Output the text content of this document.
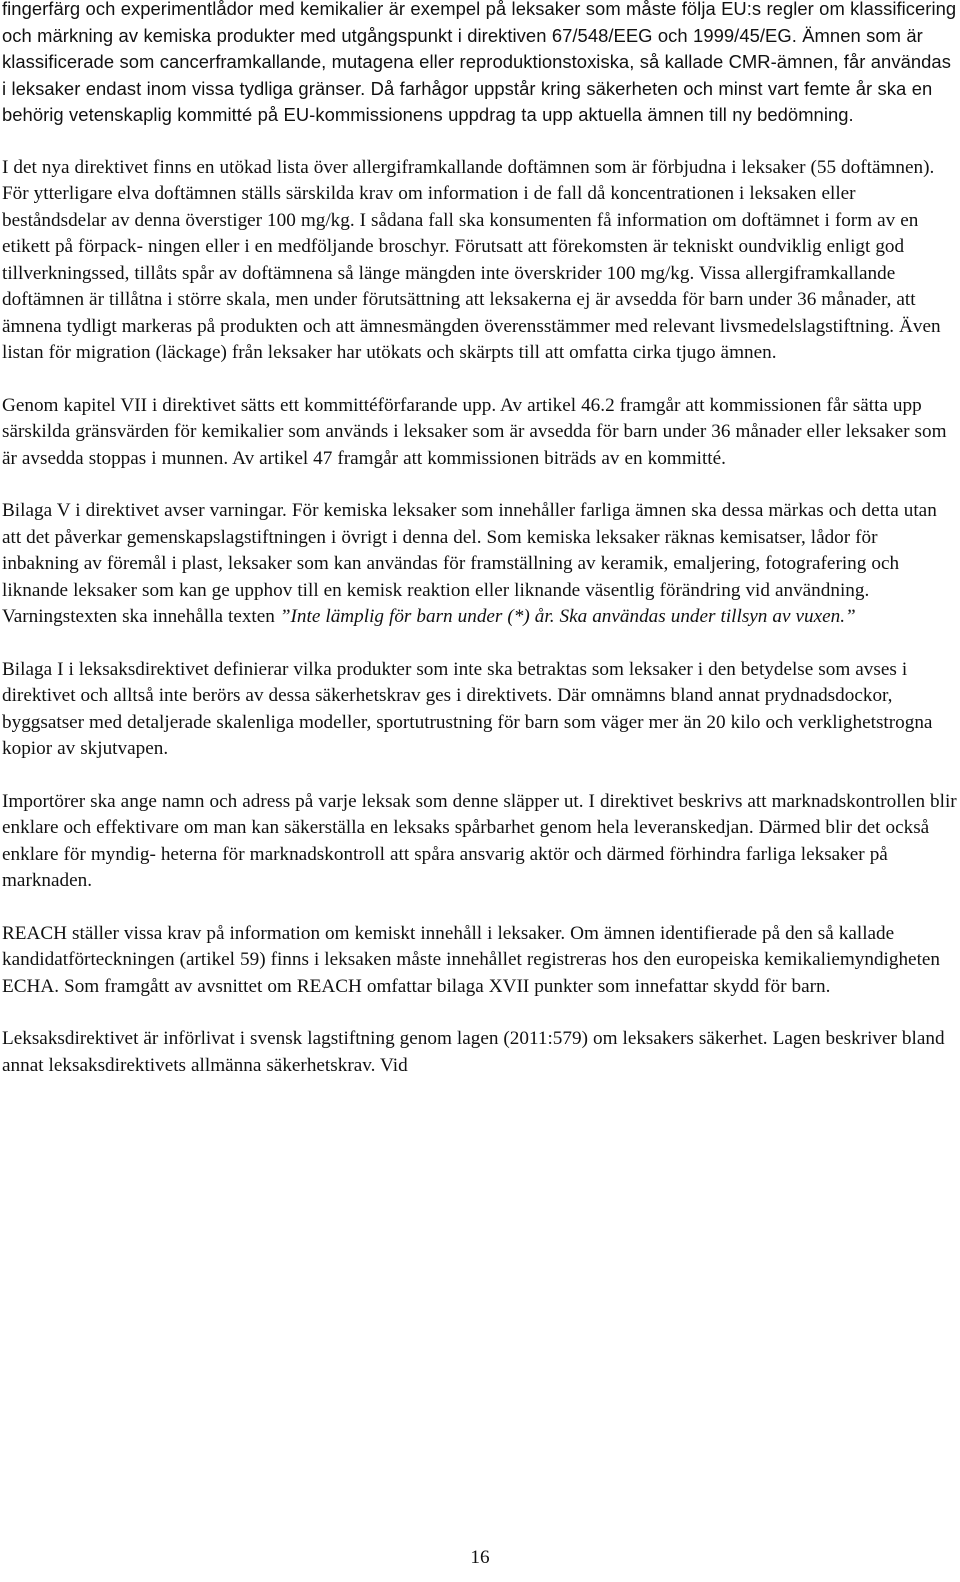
fingerfärg och experimentlådor med kemikalier är exempel på leksaker som måste följa EU:s regler om klassificering och märkning av kemiska produkter med utgångspunkt i direktiven 67/548/EEG och 1999/45/EG. Ämnen som är klassificerade som cancerframkallande, mutagena eller reproduktionstoxiska, så kallade CMR-ämnen, får användas i leksaker endast inom vissa tydliga gränser. Då farhågor uppstår kring säkerheten och minst vart femte år ska en behörig vetenskaplig kommitté på EU-kommissionens uppdrag ta upp aktuella ämnen till ny bedömning.

I det nya direktivet finns en utökad lista över allergiframkallande doftämnen som är förbjudna i leksaker (55 doftämnen). För ytterligare elva doftämnen ställs särskilda krav om information i de fall då koncentrationen i leksaken eller beståndsdelar av denna överstiger 100 mg/kg. I sådana fall ska konsumenten få information om doftämnet i form av en etikett på förpack- ningen eller i en medföljande broschyr. Förutsatt att förekomsten är tekniskt oundviklig enligt god tillverkningssed, tillåts spår av doftämnena så länge mängden inte överskrider 100 mg/kg. Vissa allergiframkallande doftämnen är tillåtna i större skala, men under förutsättning att leksakerna ej är avsedda för barn under 36 månader, att ämnena tydligt markeras på produkten och att ämnesmängden överensstämmer med relevant livsmedelslagstiftning. Även listan för migration (läckage) från leksaker har utökats och skärpts till att omfatta cirka tjugo ämnen.

Genom kapitel VII i direktivet sätts ett kommittéförfarande upp. Av artikel 46.2 framgår att kommissionen får sätta upp särskilda gränsvärden för kemikalier som används i leksaker som är avsedda för barn under 36 månader eller leksaker som är avsedda stoppas i munnen. Av artikel 47 framgår att kommissionen biträds av en kommitté.

Bilaga V i direktivet avser varningar. För kemiska leksaker som innehåller farliga ämnen ska dessa märkas och detta utan att det påverkar gemenskapslagstiftningen i övrigt i denna del. Som kemiska leksaker räknas kemisatser, lådor för inbakning av föremål i plast, leksaker som kan användas för framställning av keramik, emaljering, fotografering och liknande leksaker som kan ge upphov till en kemisk reaktion eller liknande väsentlig förändring vid användning. Varningstexten ska innehålla texten ”Inte lämplig för barn under (*) år. Ska användas under tillsyn av vuxen.”

Bilaga I i leksaksdirektivet definierar vilka produkter som inte ska betraktas som leksaker i den betydelse som avses i direktivet och alltså inte berörs av dessa säkerhetskrav ges i direktivets. Där omnämns bland annat prydnadsdockor, byggsatser med detaljerade skalenliga modeller, sportutrustning för barn som väger mer än 20 kilo och verklighetstrogna kopior av skjutvapen.

Importörer ska ange namn och adress på varje leksak som denne släpper ut. I direktivet beskrivs att marknadskontrollen blir enklare och effektivare om man kan säkerställa en leksaks spårbarhet genom hela leveranskedjan. Därmed blir det också enklare för myndig- heterna för marknadskontroll att spåra ansvarig aktör och därmed förhindra farliga leksaker på marknaden.

REACH ställer vissa krav på information om kemiskt innehåll i leksaker. Om ämnen identifierade på den så kallade kandidatförteckningen (artikel 59) finns i leksaken måste innehållet registreras hos den europeiska kemikaliemyndigheten ECHA. Som framgått av avsnittet om REACH omfattar bilaga XVII punkter som innefattar skydd för barn.

Leksaksdirektivet är införlivat i svensk lagstiftning genom lagen (2011:579) om leksakers säkerhet. Lagen beskriver bland annat leksaksdirektivets allmänna säkerhetskrav. Vid

16
